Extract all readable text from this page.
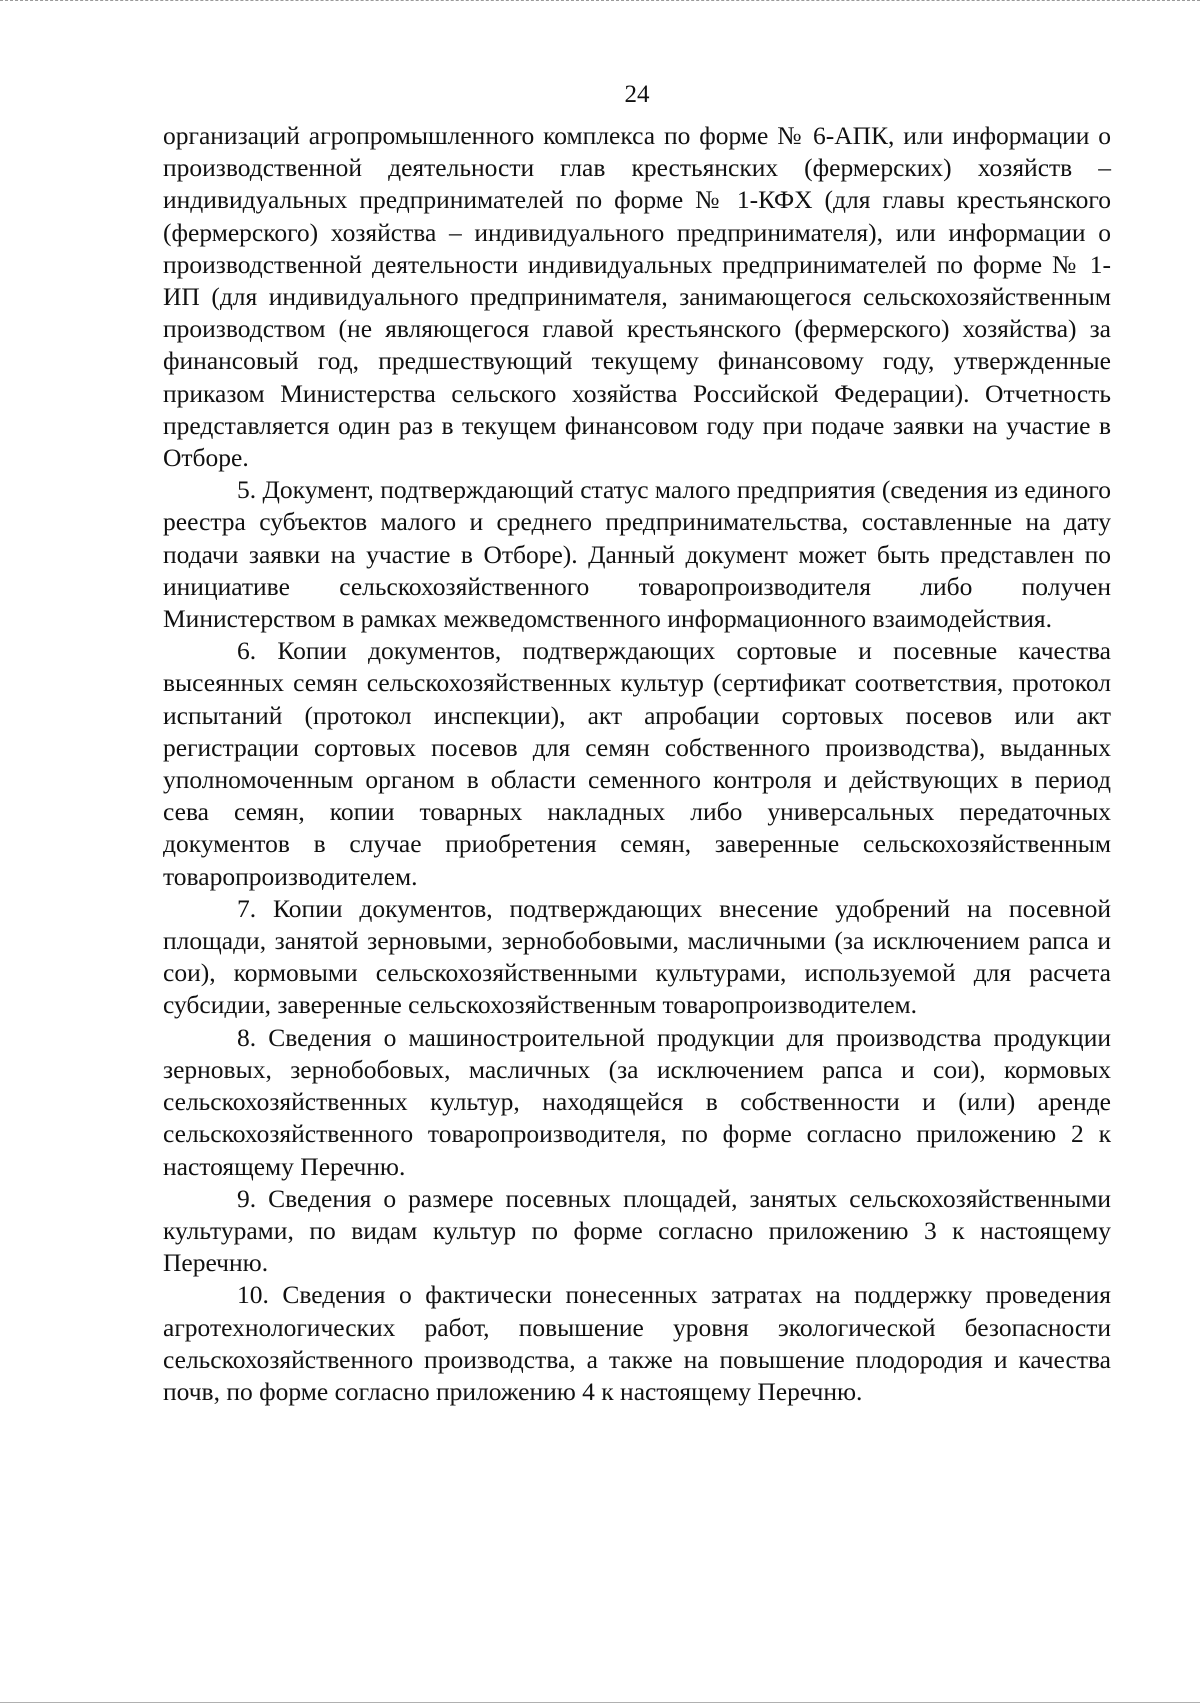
24

организаций агропромышленного комплекса по форме № 6-АПК, или информации о производственной деятельности глав крестьянских (фермерских) хозяйств – индивидуальных предпринимателей по форме № 1-КФХ (для главы крестьянского (фермерского) хозяйства – индивидуального предпринимателя), или информации о производственной деятельности индивидуальных предпринимателей по форме № 1-ИП (для индивидуального предпринимателя, занимающегося сельскохозяйственным производством (не являющегося главой крестьянского (фермерского) хозяйства) за финансовый год, предшествующий текущему финансовому году, утвержденные приказом Министерства сельского хозяйства Российской Федерации). Отчетность представляется один раз в текущем финансовом году при подаче заявки на участие в Отборе.

5. Документ, подтверждающий статус малого предприятия (сведения из единого реестра субъектов малого и среднего предпринимательства, составленные на дату подачи заявки на участие в Отборе). Данный документ может быть представлен по инициативе сельскохозяйственного товаропроизводителя либо получен Министерством в рамках межведомственного информационного взаимодействия.

6. Копии документов, подтверждающих сортовые и посевные качества высеянных семян сельскохозяйственных культур (сертификат соответствия, протокол испытаний (протокол инспекции), акт апробации сортовых посевов или акт регистрации сортовых посевов для семян собственного производства), выданных уполномоченным органом в области семенного контроля и действующих в период сева семян, копии товарных накладных либо универсальных передаточных документов в случае приобретения семян, заверенные сельскохозяйственным товаропроизводителем.

7. Копии документов, подтверждающих внесение удобрений на посевной площади, занятой зерновыми, зернобобовыми, масличными (за исключением рапса и сои), кормовыми сельскохозяйственными культурами, используемой для расчета субсидии, заверенные сельскохозяйственным товаропроизводителем.

8. Сведения о машиностроительной продукции для производства продукции зерновых, зернобобовых, масличных (за исключением рапса и сои), кормовых сельскохозяйственных культур, находящейся в собственности и (или) аренде сельскохозяйственного товаропроизводителя, по форме согласно приложению 2 к настоящему Перечню.

9. Сведения о размере посевных площадей, занятых сельскохозяйственными культурами, по видам культур по форме согласно приложению 3 к настоящему Перечню.

10. Сведения о фактически понесенных затратах на поддержку проведения агротехнологических работ, повышение уровня экологической безопасности сельскохозяйственного производства, а также на повышение плодородия и качества почв, по форме согласно приложению 4 к настоящему Перечню.
